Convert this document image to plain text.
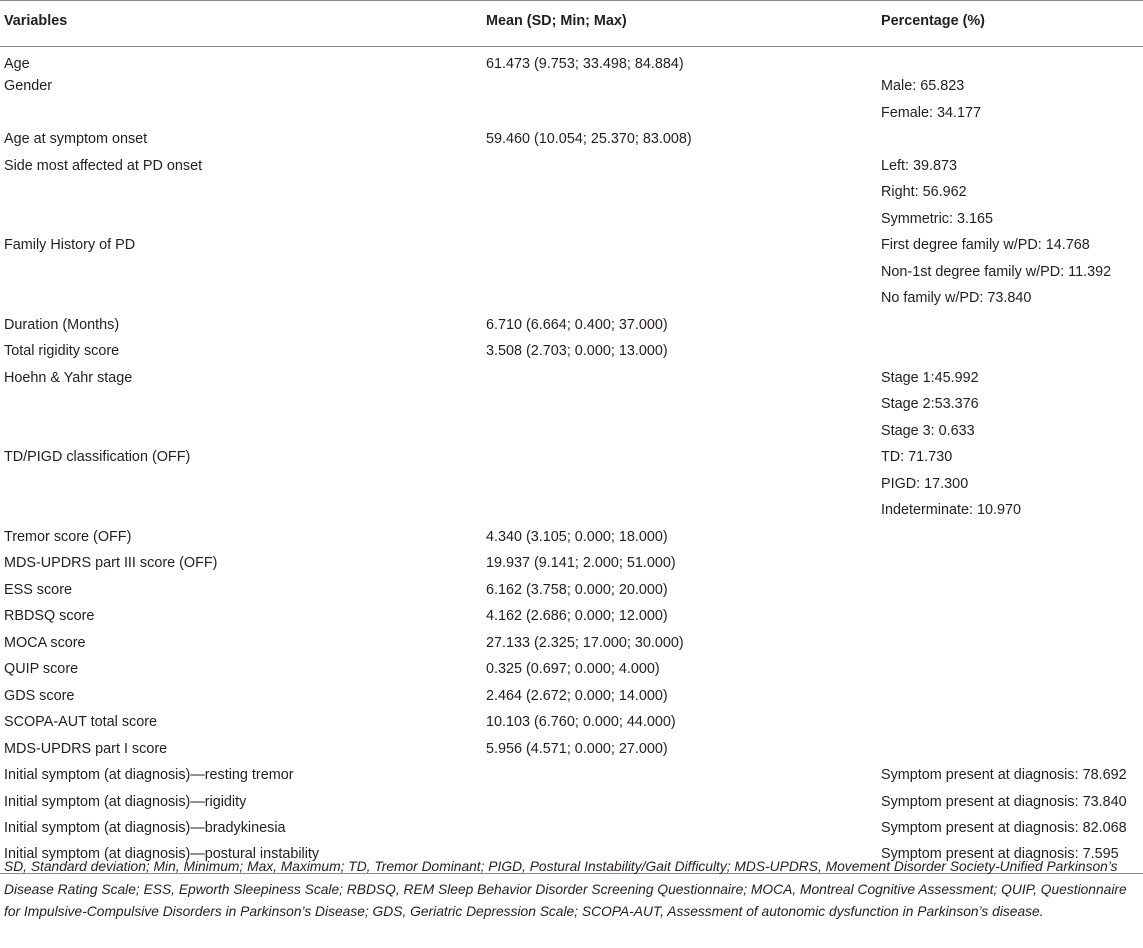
Variables	Mean (SD; Min; Max)	Percentage (%)
Age	61.473 (9.753; 33.498; 84.884)	
Gender		Male: 65.823
		Female: 34.177
Age at symptom onset	59.460 (10.054; 25.370; 83.008)	
Side most affected at PD onset		Left: 39.873
		Right: 56.962
		Symmetric: 3.165
Family History of PD		First degree family w/PD: 14.768
		Non-1st degree family w/PD: 11.392
		No family w/PD: 73.840
Duration (Months)	6.710 (6.664; 0.400; 37.000)	
Total rigidity score	3.508 (2.703; 0.000; 13.000)	
Hoehn & Yahr stage		Stage 1:45.992
		Stage 2:53.376
		Stage 3: 0.633
TD/PIGD classification (OFF)		TD: 71.730
		PIGD: 17.300
		Indeterminate: 10.970
Tremor score (OFF)	4.340 (3.105; 0.000; 18.000)	
MDS-UPDRS part III score (OFF)	19.937 (9.141; 2.000; 51.000)	
ESS score	6.162 (3.758; 0.000; 20.000)	
RBDSQ score	4.162 (2.686; 0.000; 12.000)	
MOCA score	27.133 (2.325; 17.000; 30.000)	
QUIP score	0.325 (0.697; 0.000; 4.000)	
GDS score	2.464 (2.672; 0.000; 14.000)	
SCOPA-AUT total score	10.103 (6.760; 0.000; 44.000)	
MDS-UPDRS part I score	5.956 (4.571; 0.000; 27.000)	
Initial symptom (at diagnosis)—resting tremor		Symptom present at diagnosis: 78.692
Initial symptom (at diagnosis)—rigidity		Symptom present at diagnosis: 73.840
Initial symptom (at diagnosis)—bradykinesia		Symptom present at diagnosis: 82.068
Initial symptom (at diagnosis)—postural instability		Symptom present at diagnosis: 7.595
SD, Standard deviation; Min, Minimum; Max, Maximum; TD, Tremor Dominant; PIGD, Postural Instability/Gait Difficulty; MDS-UPDRS, Movement Disorder Society-Unified Parkinson’s Disease Rating Scale; ESS, Epworth Sleepiness Scale; RBDSQ, REM Sleep Behavior Disorder Screening Questionnaire; MOCA, Montreal Cognitive Assessment; QUIP, Questionnaire for Impulsive-Compulsive Disorders in Parkinson’s Disease; GDS, Geriatric Depression Scale; SCOPA-AUT, Assessment of autonomic dysfunction in Parkinson’s disease.
